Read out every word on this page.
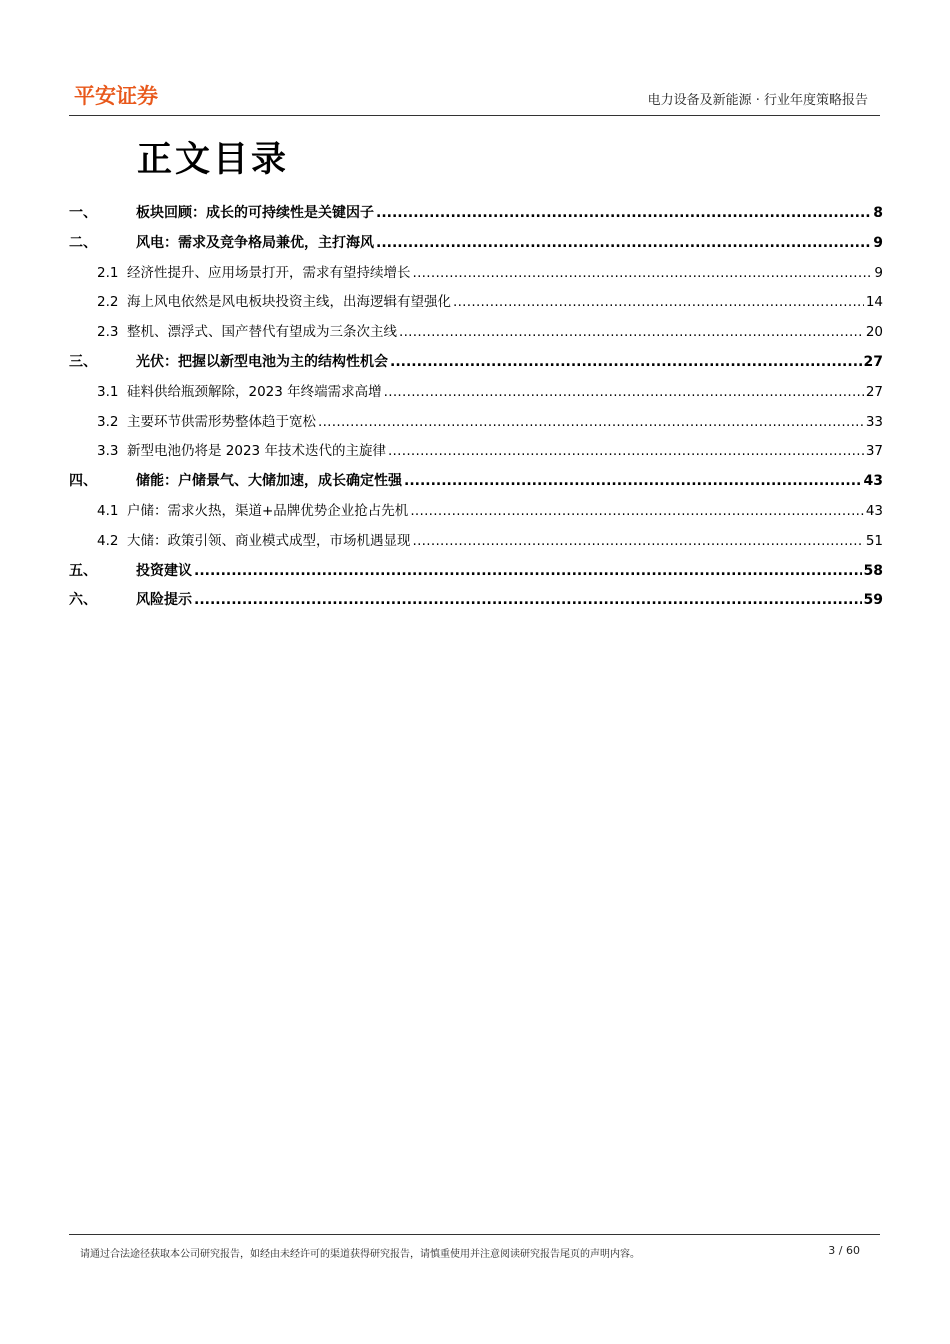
平安证券	电力设备及新能源 · 行业年度策略报告
正文目录
一、	板块回顾：成长的可持续性是关键因子 .....	8
二、	风电：需求及竞争格局兼优，主打海风 .....	9
2.1 经济性提升、应用场景打开，需求有望持续增长 .....	9
2.2 海上风电依然是风电板块投资主线，出海逻辑有望强化 .....	14
2.3 整机、漂浮式、国产替代有望成为三条次主线 .....	20
三、	光伏：把握以新型电池为主的结构性机会 .....	27
3.1 硅料供给瓶颈解除，2023 年终端需求高增 .....	27
3.2 主要环节供需形势整体趋于宽松 .....	33
3.3 新型电池仍将是 2023 年技术迭代的主旋律 .....	37
四、	储能：户储景气、大储加速，成长确定性强 .....	43
4.1 户储：需求火热，渠道+品牌优势企业抢占先机 .....	43
4.2 大储：政策引领、商业模式成型，市场机遇显现 .....	51
五、	投资建议 .....	58
六、	风险提示 .....	59
请通过合法途径获取本公司研究报告，如经由未经许可的渠道获得研究报告，请慎重使用并注意阅读研究报告尾页的声明内容。	3 / 60
